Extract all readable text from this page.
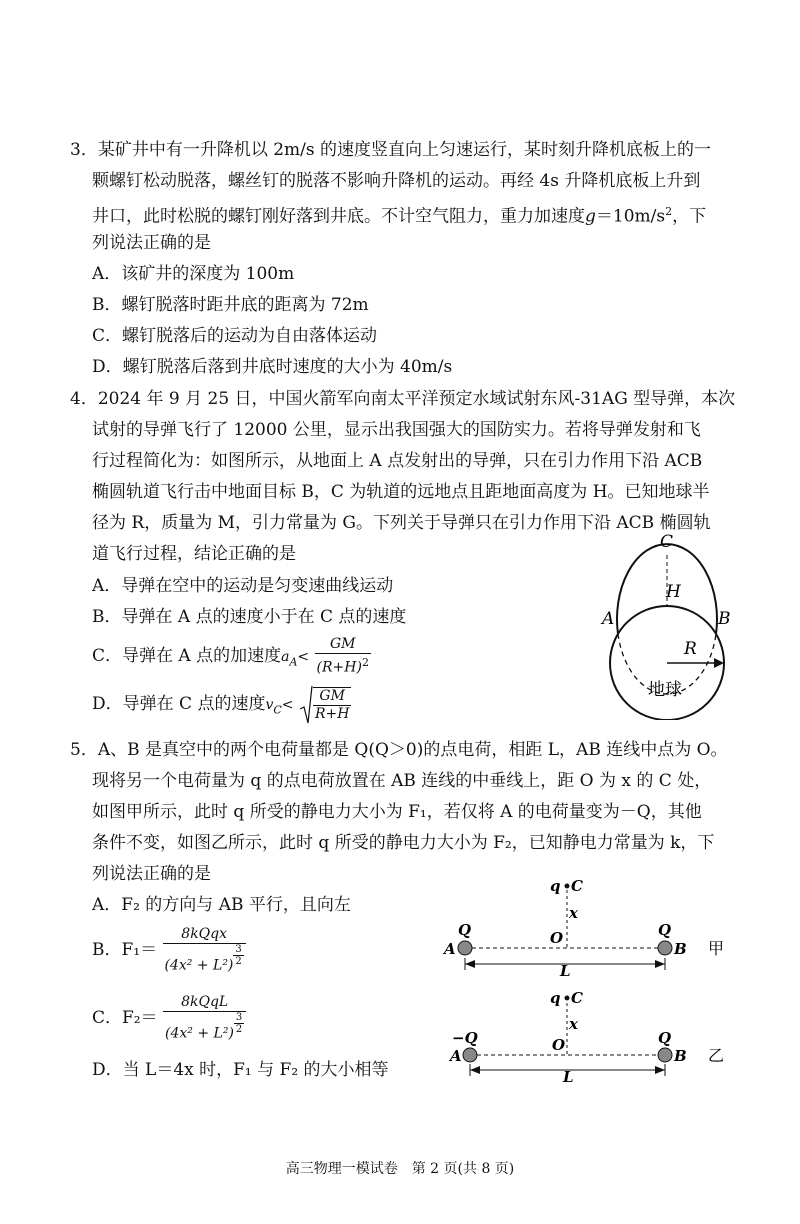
3．某矿井中有一升降机以 2m/s 的速度竖直向上匀速运行，某时刻升降机底板上的一
颗螺钉松动脱落，螺丝钉的脱落不影响升降机的运动。再经 4s 升降机底板上升到
井口，此时松脱的螺钉刚好落到井底。不计空气阻力，重力加速度$g=10m/s^2$，下
列说法正确的是
A．该矿井的深度为 100m
B．螺钉脱落时距井底的距离为 72m
C．螺钉脱落后的运动为自由落体运动
D．螺钉脱落后落到井底时速度的大小为 40m/s
4．2024 年 9 月 25 日，中国火箭军向南太平洋预定水域试射东风-31AG 型导弹，本次
试射的导弹飞行了 12000 公里，显示出我国强大的国防实力。若将导弹发射和飞
行过程简化为：如图所示，从地面上 A 点发射出的导弹，只在引力作用下沿 ACB
椭圆轨道飞行击中地面目标 B，C 为轨道的远地点且距地面高度为 H。已知地球半
径为 R，质量为 M，引力常量为 G。下列关于导弹只在引力作用下沿 ACB 椭圆轨
道飞行过程，结论正确的是
A．导弹在空中的运动是匀变速曲线运动
B．导弹在 A 点的速度小于在 C 点的速度
C．导弹在 A 点的加速度$a_A< \frac{GM}{(R+H)^2}$
D．导弹在 C 点的速度$v_C< \frac{GM}{R+H}$
C
H
A	B
R
地球
5．A、B 是真空中的两个电荷量都是 Q(Q＞0)的点电荷，相距 L，AB 连线中点为 O。
现将另一个电荷量为 q 的点电荷放置在 AB 连线的中垂线上，距 O 为 x 的 C 处，
如图甲所示，此时 q 所受的静电力大小为 F₁，若仅将 A 的电荷量变为－Q，其他
条件不变，如图乙所示，此时 q 所受的静电力大小为 F₂，已知静电力常量为 k，下
列说法正确的是
A．F₂ 的方向与 AB 平行，且向左
B．$F_1= \frac{\text{8kQqx}}{(4x^2 + L^2) \frac{3}{2}}$
C．$F_2= \frac{\text{8kQqL}}{(4x^2 + L^2) \frac{3}{2}}$
D．当 L＝4x 时，F₁ 与 F₂ 的大小相等
q C
x
Q	Q
A
O
B
L
甲
q C
x
−Q	Q
A
O
B
L
乙
高三物理一模试卷　第 2 页(共 8 页)
